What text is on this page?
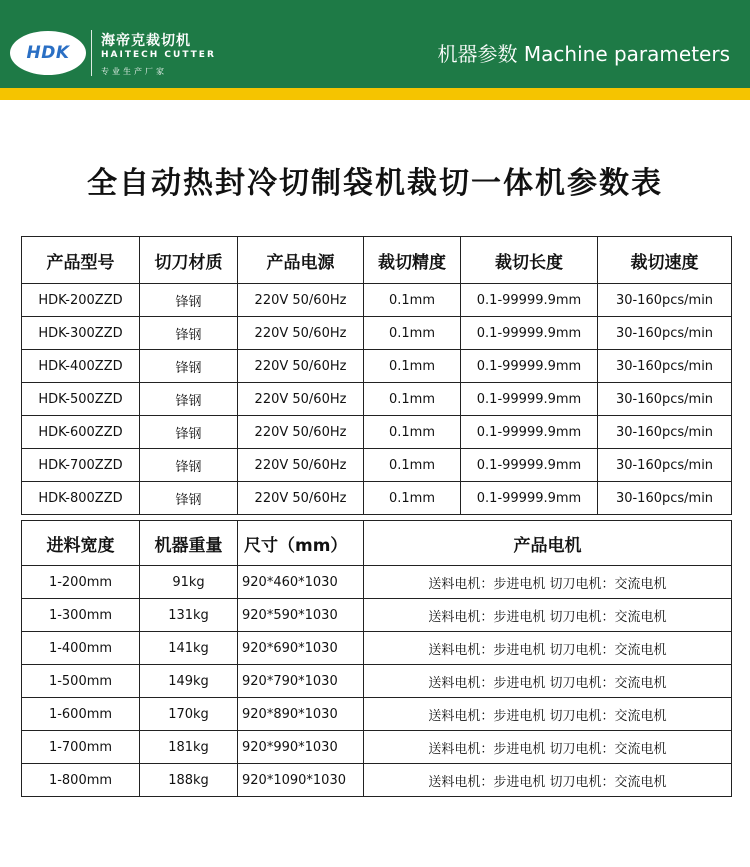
HDK
海帝克裁切机
HAITECH CUTTER
专业生产厂家
机器参数 Machine parameters
全自动热封冷切制袋机裁切一体机参数表
产品型号	切刀材质	产品电源	裁切精度	裁切长度	裁切速度
HDK-200ZZD	锋钢	220V 50/60Hz	0.1mm	0.1-99999.9mm	30-160pcs/min
HDK-300ZZD	锋钢	220V 50/60Hz	0.1mm	0.1-99999.9mm	30-160pcs/min
HDK-400ZZD	锋钢	220V 50/60Hz	0.1mm	0.1-99999.9mm	30-160pcs/min
HDK-500ZZD	锋钢	220V 50/60Hz	0.1mm	0.1-99999.9mm	30-160pcs/min
HDK-600ZZD	锋钢	220V 50/60Hz	0.1mm	0.1-99999.9mm	30-160pcs/min
HDK-700ZZD	锋钢	220V 50/60Hz	0.1mm	0.1-99999.9mm	30-160pcs/min
HDK-800ZZD	锋钢	220V 50/60Hz	0.1mm	0.1-99999.9mm	30-160pcs/min
进料宽度	机器重量	尺寸（mm）	产品电机
1-200mm	91kg	920*460*1030	送料电机：步进电机 切刀电机：交流电机
1-300mm	131kg	920*590*1030	送料电机：步进电机 切刀电机：交流电机
1-400mm	141kg	920*690*1030	送料电机：步进电机 切刀电机：交流电机
1-500mm	149kg	920*790*1030	送料电机：步进电机 切刀电机：交流电机
1-600mm	170kg	920*890*1030	送料电机：步进电机 切刀电机：交流电机
1-700mm	181kg	920*990*1030	送料电机：步进电机 切刀电机：交流电机
1-800mm	188kg	920*1090*1030	送料电机：步进电机 切刀电机：交流电机
